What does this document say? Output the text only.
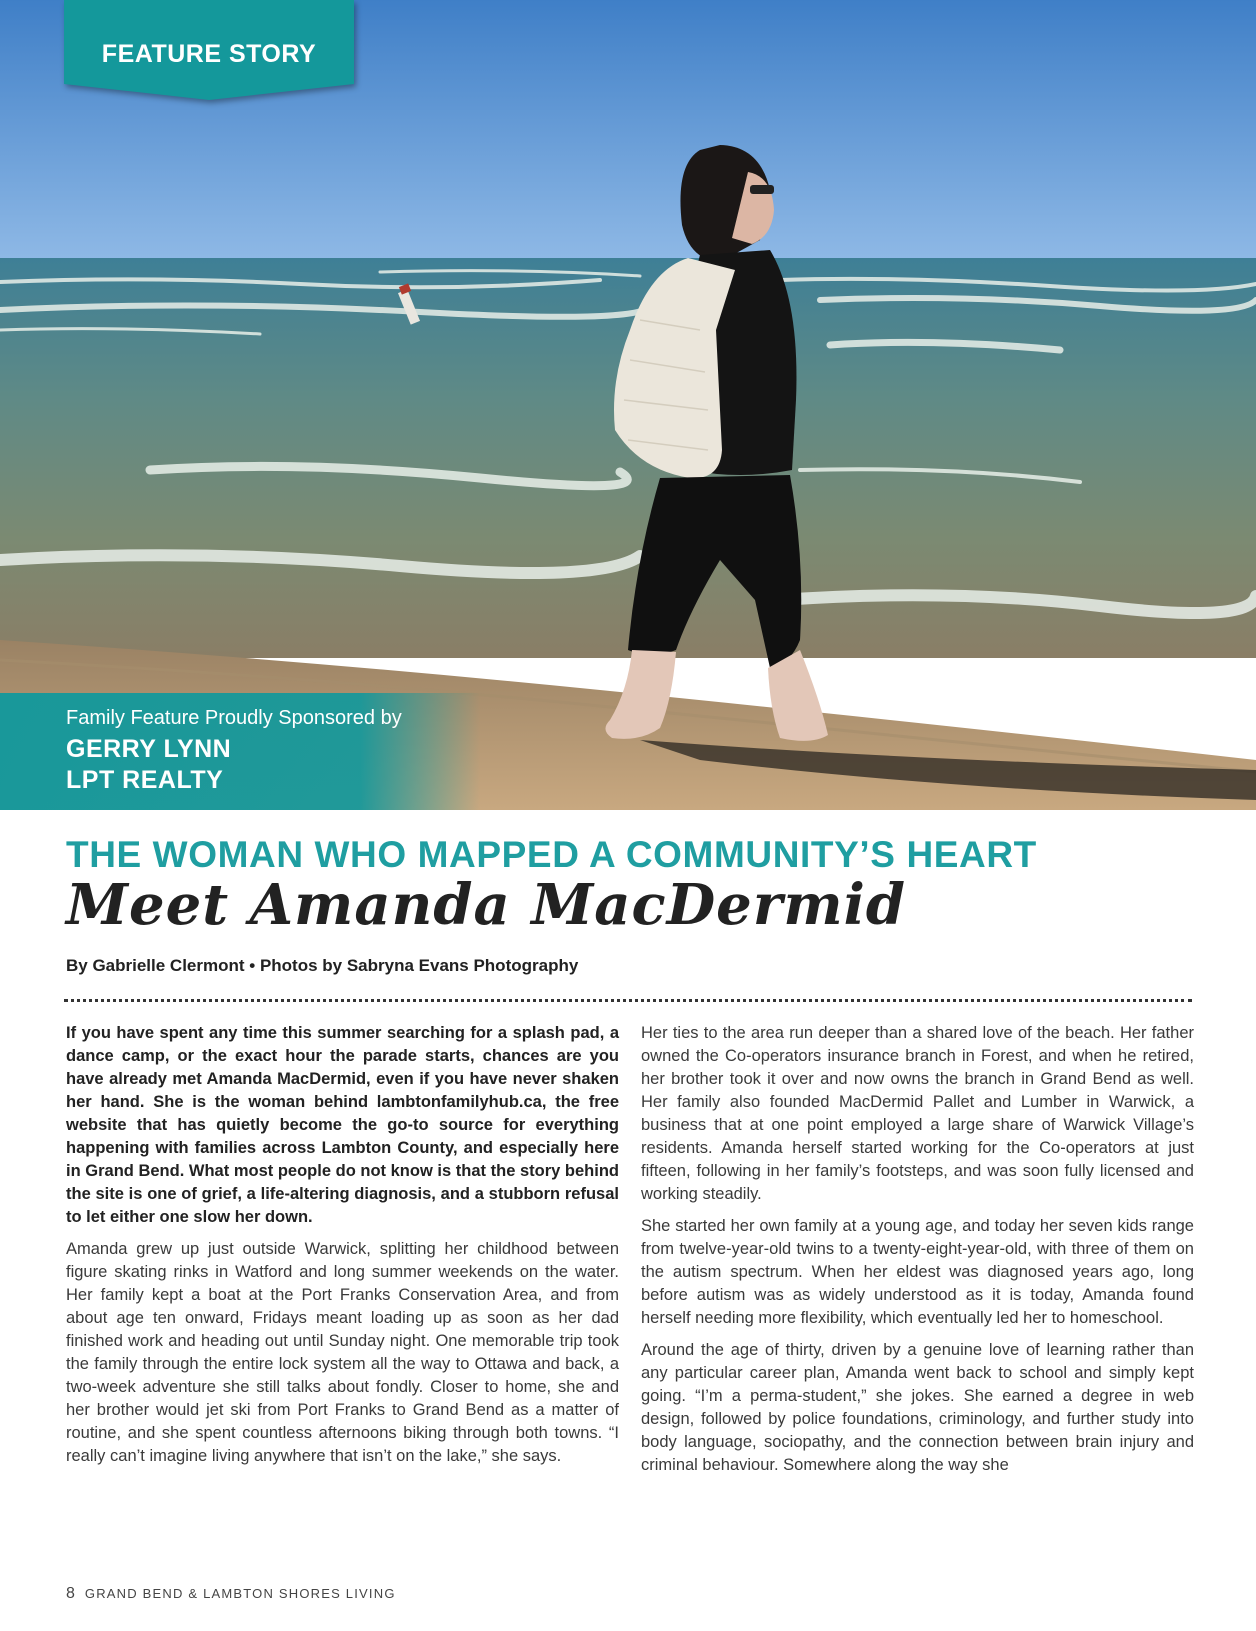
FEATURE STORY
Family Feature Proudly Sponsored by
GERRY LYNN
LPT REALTY
THE WOMAN WHO MAPPED A COMMUNITY’S HEART
Meet Amanda MacDermid
By Gabrielle Clermont • Photos by Sabryna Evans Photography

If you have spent any time this summer searching for a splash pad, a dance camp, or the exact hour the parade starts, chances are you have already met Amanda MacDermid, even if you have never shaken her hand. She is the woman behind lambtonfamilyhub.ca, the free website that has quietly become the go-to source for everything happening with families across Lambton County, and especially here in Grand Bend. What most people do not know is that the story behind the site is one of grief, a life-altering diagnosis, and a stubborn refusal to let either one slow her down.

Amanda grew up just outside Warwick, splitting her childhood between figure skating rinks in Watford and long summer weekends on the water. Her family kept a boat at the Port Franks Conservation Area, and from about age ten onward, Fridays meant loading up as soon as her dad finished work and heading out until Sunday night. One memorable trip took the family through the entire lock system all the way to Ottawa and back, a two-week adventure she still talks about fondly. Closer to home, she and her brother would jet ski from Port Franks to Grand Bend as a matter of routine, and she spent countless afternoons biking through both towns. “I really can’t imagine living anywhere that isn’t on the lake,” she says.

Her ties to the area run deeper than a shared love of the beach. Her father owned the Co-operators insurance branch in Forest, and when he retired, her brother took it over and now owns the branch in Grand Bend as well. Her family also founded MacDermid Pallet and Lumber in Warwick, a business that at one point employed a large share of Warwick Village’s residents. Amanda herself started working for the Co-operators at just fifteen, following in her family’s footsteps, and was soon fully licensed and working steadily.

She started her own family at a young age, and today her seven kids range from twelve-year-old twins to a twenty-eight-year-old, with three of them on the autism spectrum. When her eldest was diagnosed years ago, long before autism was as widely understood as it is today, Amanda found herself needing more flexibility, which eventually led her to homeschool.

Around the age of thirty, driven by a genuine love of learning rather than any particular career plan, Amanda went back to school and simply kept going. “I’m a perma-student,” she jokes. She earned a degree in web design, followed by police foundations, criminology, and further study into body language, sociopathy, and the connection between brain injury and criminal behaviour. Somewhere along the way she

8 GRAND BEND & LAMBTON SHORES LIVING
